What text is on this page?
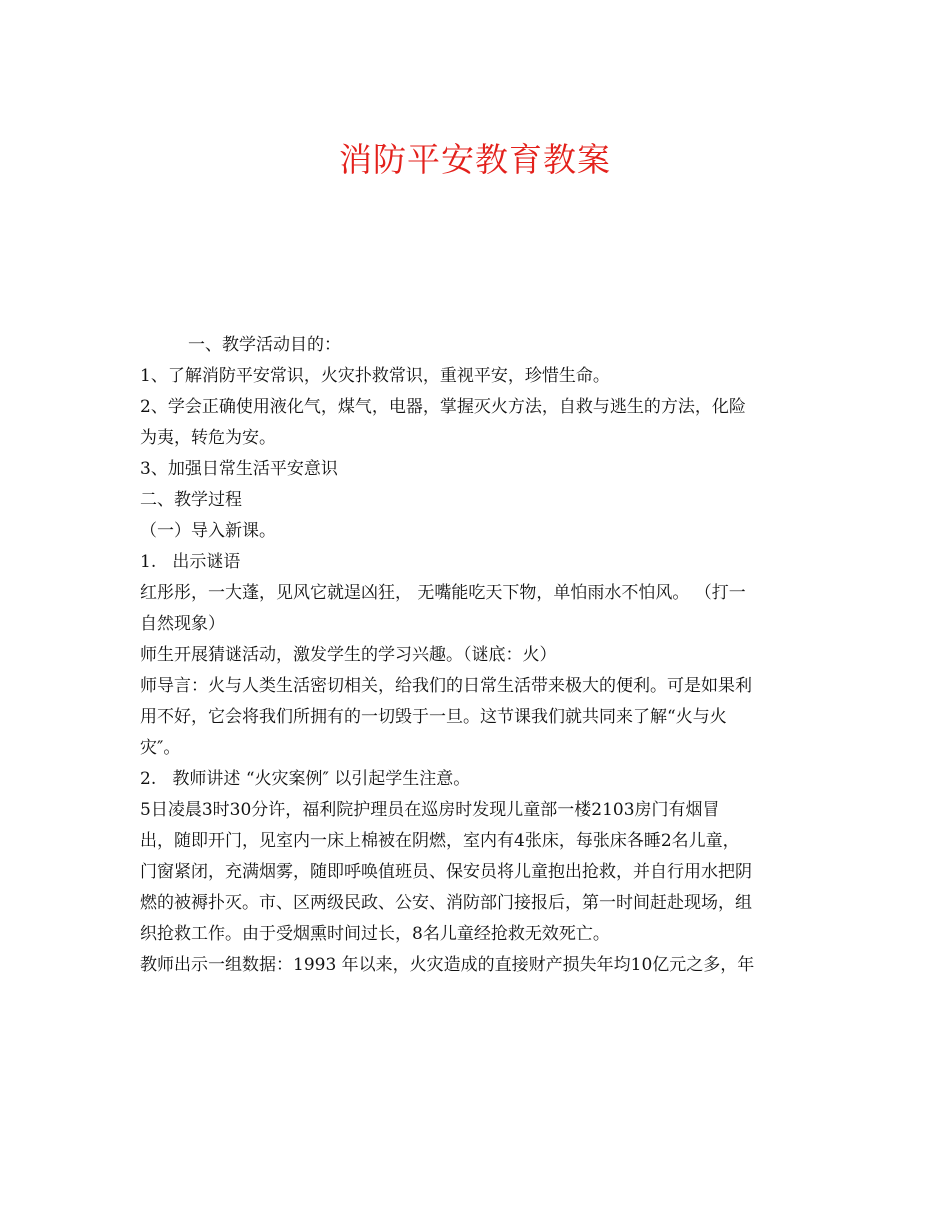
消防平安教育教案

一、教学活动目的：

1、了解消防平安常识，火灾扑救常识，重视平安，珍惜生命。

2、学会正确使用液化气，煤气，电器，掌握灭火方法，自救与逃生的方法，化险

为夷，转危为安。

3、加强日常生活平安意识

二、教学过程

（一）导入新课。

1.   出示谜语

红彤彤，一大蓬，见风它就逞凶狂， 无嘴能吃天下物，单怕雨水不怕风。 （打一

自然现象）

师生开展猜谜活动，激发学生的学习兴趣。（谜底：火）

师导言：火与人类生活密切相关，给我们的日常生活带来极大的便利。可是如果利

用不好，它会将我们所拥有的一切毁于一旦。这节课我们就共同来了解“火与火

灾″。

2.   教师讲述 “火灾案例″ 以引起学生注意。

5日凌晨3时30分许，福利院护理员在巡房时发现儿童部一楼2103房门有烟冒

出，随即开门，见室内一床上棉被在阴燃，室内有4张床，每张床各睡2名儿童，

门窗紧闭，充满烟雾，随即呼唤值班员、保安员将儿童抱出抢救，并自行用水把阴

燃的被褥扑灭。市、区两级民政、公安、消防部门接报后，第一时间赶赴现场，组

织抢救工作。由于受烟熏时间过长，8名儿童经抢救无效死亡。

教师出示一组数据：1993 年以来，火灾造成的直接财产损失年均10亿元之多，年
